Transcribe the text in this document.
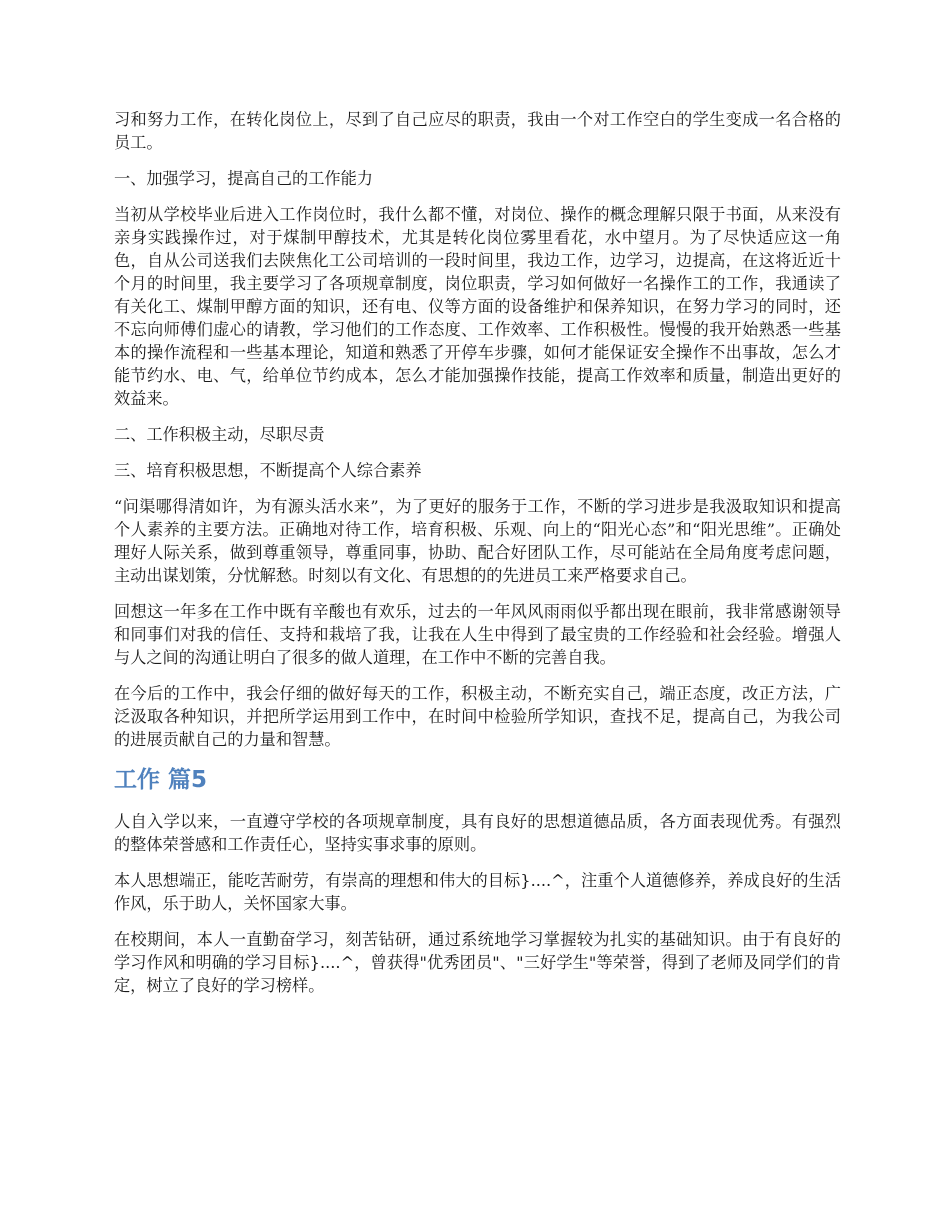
习和努力工作，在转化岗位上，尽到了自己应尽的职责，我由一个对工作空白的学生变成一名合格的员工。

一、加强学习，提高自己的工作能力

当初从学校毕业后进入工作岗位时，我什么都不懂，对岗位、操作的概念理解只限于书面，从来没有亲身实践操作过，对于煤制甲醇技术，尤其是转化岗位雾里看花，水中望月。为了尽快适应这一角色，自从公司送我们去陕焦化工公司培训的一段时间里，我边工作，边学习，边提高，在这将近近十个月的时间里，我主要学习了各项规章制度，岗位职责，学习如何做好一名操作工的工作，我通读了有关化工、煤制甲醇方面的知识，还有电、仪等方面的设备维护和保养知识，在努力学习的同时，还不忘向师傅们虚心的请教，学习他们的工作态度、工作效率、工作积极性。慢慢的我开始熟悉一些基本的操作流程和一些基本理论，知道和熟悉了开停车步骤，如何才能保证安全操作不出事故，怎么才能节约水、电、气，给单位节约成本，怎么才能加强操作技能，提高工作效率和质量，制造出更好的效益来。

二、工作积极主动，尽职尽责

三、培育积极思想，不断提高个人综合素养

“问渠哪得清如许，为有源头活水来”，为了更好的服务于工作，不断的学习进步是我汲取知识和提高个人素养的主要方法。正确地对待工作，培育积极、乐观、向上的“阳光心态”和“阳光思维”。正确处理好人际关系，做到尊重领导，尊重同事，协助、配合好团队工作，尽可能站在全局角度考虑问题，主动出谋划策，分忧解愁。时刻以有文化、有思想的的先进员工来严格要求自己。

回想这一年多在工作中既有辛酸也有欢乐，过去的一年风风雨雨似乎都出现在眼前，我非常感谢领导和同事们对我的信任、支持和栽培了我，让我在人生中得到了最宝贵的工作经验和社会经验。增强人与人之间的沟通让明白了很多的做人道理，在工作中不断的完善自我。

在今后的工作中，我会仔细的做好每天的工作，积极主动，不断充实自己，端正态度，改正方法，广泛汲取各种知识，并把所学运用到工作中，在时间中检验所学知识，查找不足，提高自己，为我公司的进展贡献自己的力量和智慧。

工作 篇5

人自入学以来，一直遵守学校的各项规章制度，具有良好的思想道德品质，各方面表现优秀。有强烈的整体荣誉感和工作责任心，坚持实事求事的原则。

本人思想端正，能吃苦耐劳，有崇高的理想和伟大的目标}....^，注重个人道德修养，养成良好的生活作风，乐于助人，关怀国家大事。

在校期间，本人一直勤奋学习，刻苦钻研，通过系统地学习掌握较为扎实的基础知识。由于有良好的学习作风和明确的学习目标}....^，曾获得"优秀团员"、"三好学生"等荣誉，得到了老师及同学们的肯定，树立了良好的学习榜样。
